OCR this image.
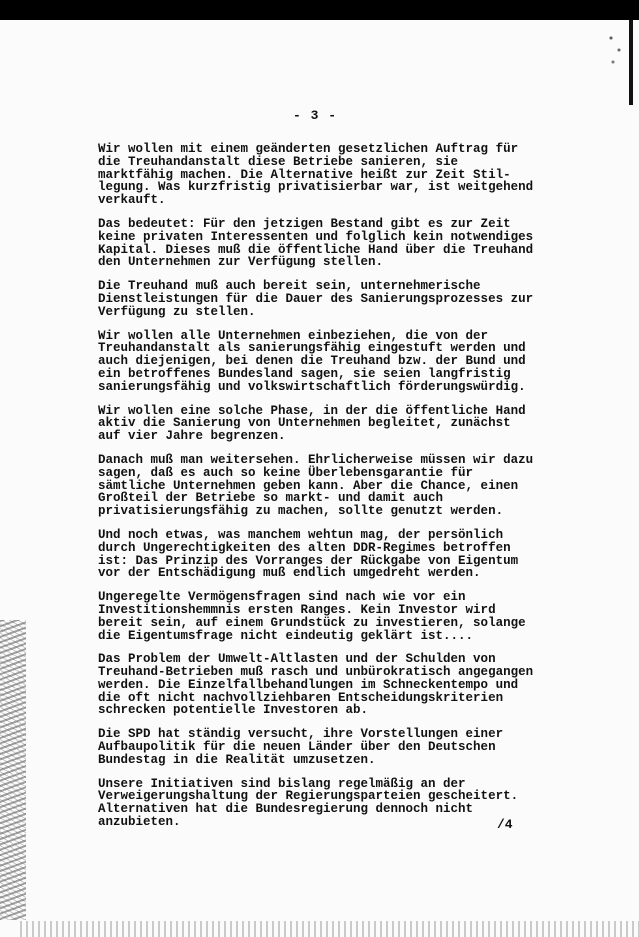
- 3 -

Wir wollen mit einem geänderten gesetzlichen Auftrag für
die Treuhandanstalt diese Betriebe sanieren, sie
marktfähig machen. Die Alternative heißt zur Zeit Stil-
legung. Was kurzfristig privatisierbar war, ist weitgehend
verkauft.

Das bedeutet: Für den jetzigen Bestand gibt es zur Zeit
keine privaten Interessenten und folglich kein notwendiges
Kapital. Dieses muß die öffentliche Hand über die Treuhand
den Unternehmen zur Verfügung stellen.

Die Treuhand muß auch bereit sein, unternehmerische
Dienstleistungen für die Dauer des Sanierungsprozesses zur
Verfügung zu stellen.

Wir wollen alle Unternehmen einbeziehen, die von der
Treuhandanstalt als sanierungsfähig eingestuft werden und
auch diejenigen, bei denen die Treuhand bzw. der Bund und
ein betroffenes Bundesland sagen, sie seien langfristig
sanierungsfähig und volkswirtschaftlich förderungswürdig.

Wir wollen eine solche Phase, in der die öffentliche Hand
aktiv die Sanierung von Unternehmen begleitet, zunächst
auf vier Jahre begrenzen.

Danach muß man weitersehen. Ehrlicherweise müssen wir dazu
sagen, daß es auch so keine Überlebensgarantie für
sämtliche Unternehmen geben kann. Aber die Chance, einen
Großteil der Betriebe so markt- und damit auch
privatisierungsfähig zu machen, sollte genutzt werden.

Und noch etwas, was manchem wehtun mag, der persönlich
durch Ungerechtigkeiten des alten DDR-Regimes betroffen
ist: Das Prinzip des Vorranges der Rückgabe von Eigentum
vor der Entschädigung muß endlich umgedreht werden.

Ungeregelte Vermögensfragen sind nach wie vor ein
Investitionshemmnis ersten Ranges. Kein Investor wird
bereit sein, auf einem Grundstück zu investieren, solange
die Eigentumsfrage nicht eindeutig geklärt ist....

Das Problem der Umwelt-Altlasten und der Schulden von
Treuhand-Betrieben muß rasch und unbürokratisch angegangen
werden. Die Einzelfallbehandlungen im Schneckentempo und
die oft nicht nachvollziehbaren Entscheidungskriterien
schrecken potentielle Investoren ab.

Die SPD hat ständig versucht, ihre Vorstellungen einer
Aufbaupolitik für die neuen Länder über den Deutschen
Bundestag in die Realität umzusetzen.

Unsere Initiativen sind bislang regelmäßig an der
Verweigerungshaltung der Regierungsparteien gescheitert.
Alternativen hat die Bundesregierung dennoch nicht
anzubieten.	/4
